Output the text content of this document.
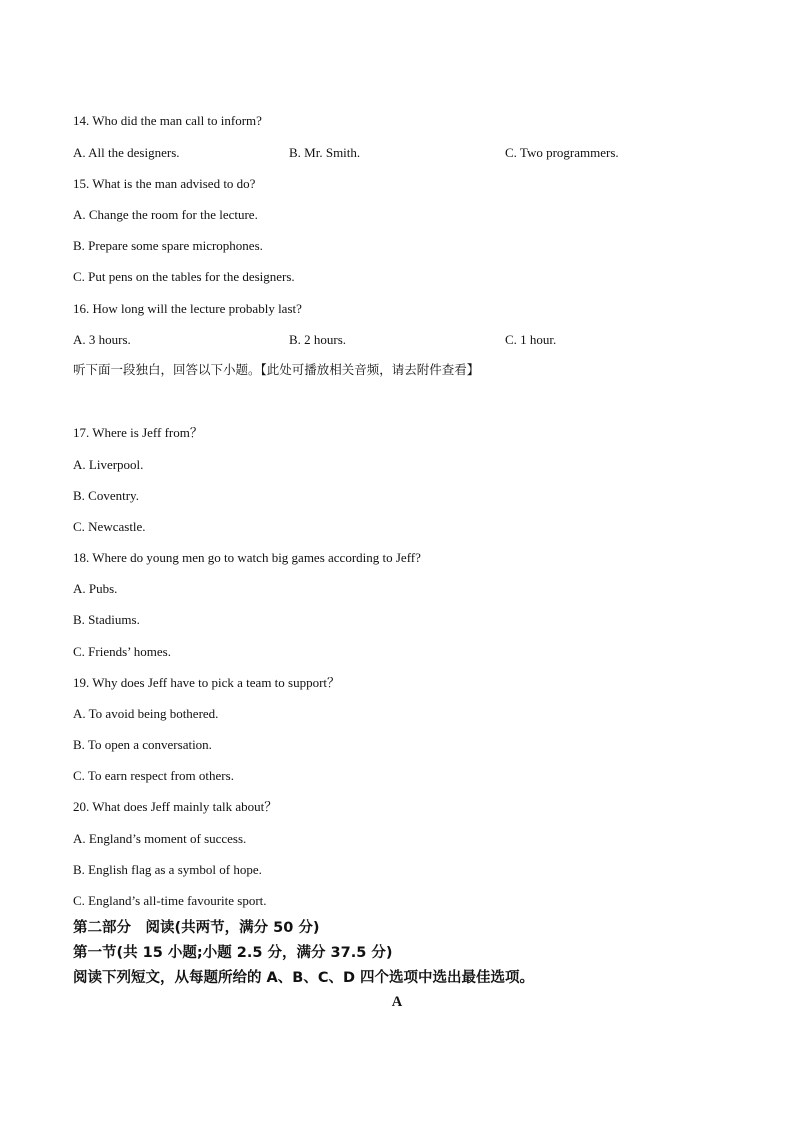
14. Who did the man call to inform?
A. All the designers.	B. Mr. Smith.	C. Two programmers.
15. What is the man advised to do?
A. Change the room for the lecture.
B. Prepare some spare microphones.
C. Put pens on the tables for the designers.
16. How long will the lecture probably last?
A. 3 hours.	B. 2 hours.	C. 1 hour.
听下面一段独白，回答以下小题。【此处可播放相关音频，请去附件查看】
17. Where is Jeff from？
A. Liverpool.
B. Coventry.
C. Newcastle.
18. Where do young men go to watch big games according to Jeff?
A. Pubs.
B. Stadiums.
C. Friends’ homes.
19. Why does Jeff have to pick a team to support？
A. To avoid being bothered.
B. To open a conversation.
C. To earn respect from others.
20. What does Jeff mainly talk about？
A. England’s moment of success.
B. English flag as a symbol of hope.
C. England’s all-time favourite sport.
第二部分　阅读(共两节，满分 50 分)
第一节(共 15 小题;小题 2.5 分，满分 37.5 分)
阅读下列短文，从每题所给的 A、B、C、D 四个选项中选出最佳选项。
A
